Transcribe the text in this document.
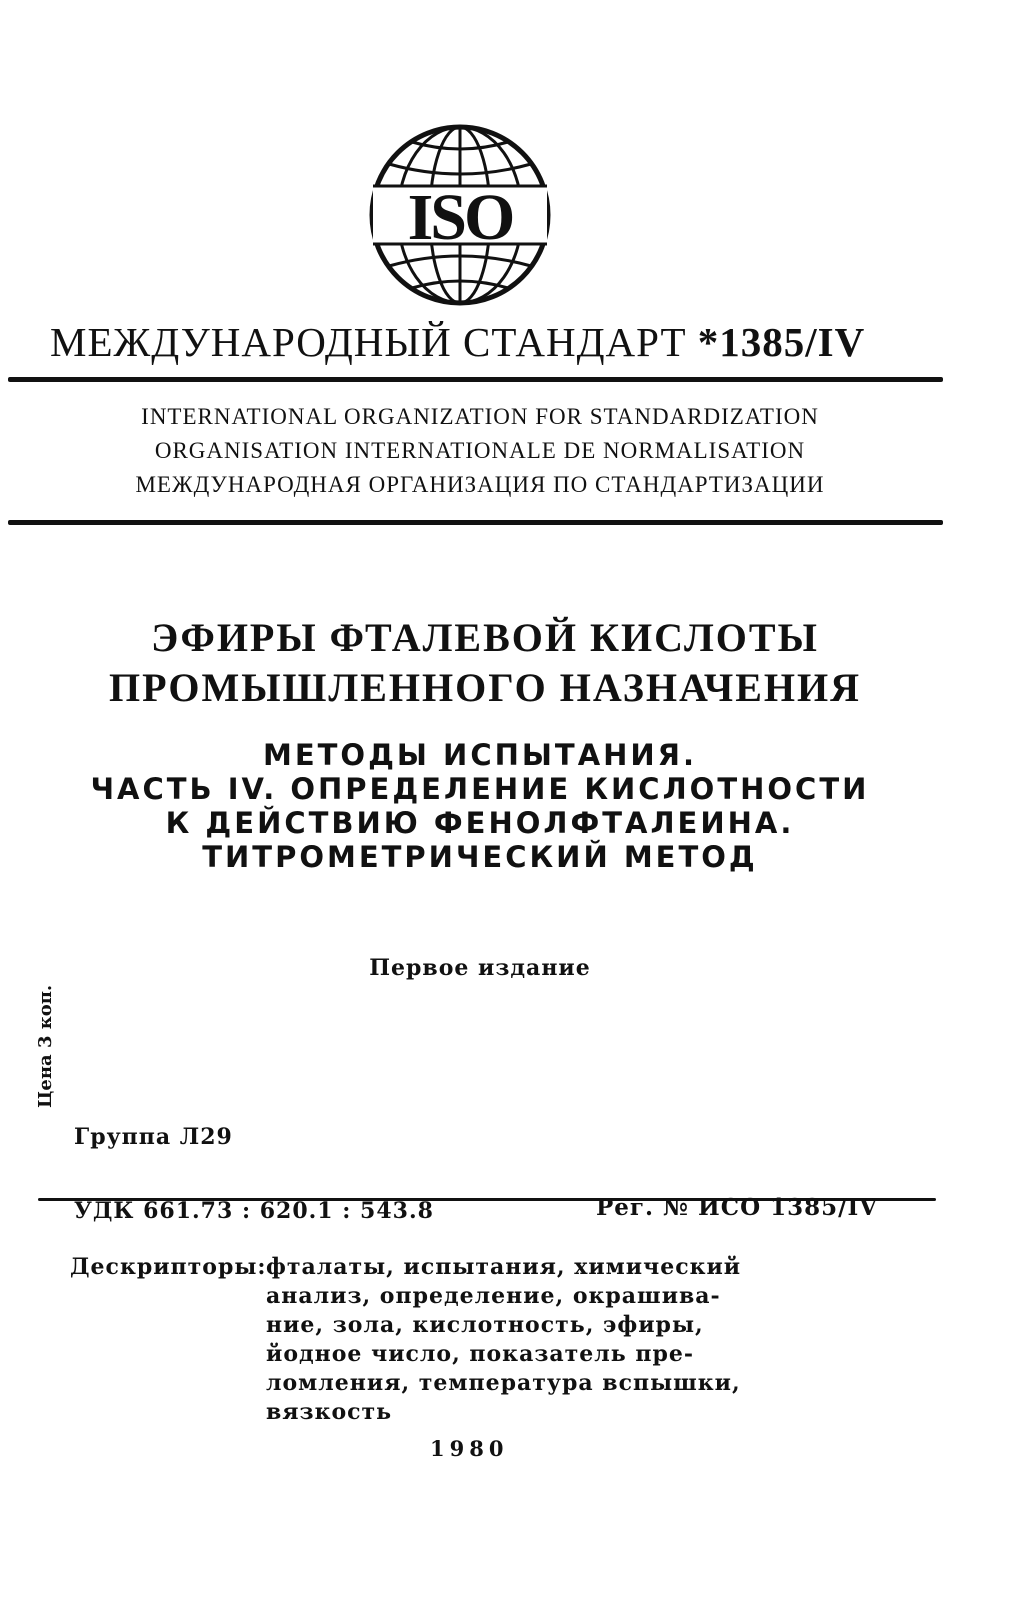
ISO
МЕЖДУНАРОДНЫЙ СТАНДАРТ *1385/IV
INTERNATIONAL ORGANIZATION FOR STANDARDIZATION
ORGANISATION INTERNATIONALE DE NORMALISATION
МЕЖДУНАРОДНАЯ ОРГАНИЗАЦИЯ ПО СТАНДАРТИЗАЦИИ
ЭФИРЫ ФТАЛЕВОЙ КИСЛОТЫ
ПРОМЫШЛЕННОГО НАЗНАЧЕНИЯ
МЕТОДЫ ИСПЫТАНИЯ.
ЧАСТЬ IV. ОПРЕДЕЛЕНИЕ КИСЛОТНОСТИ
К ДЕЙСТВИЮ ФЕНОЛФТАЛЕИНА.
ТИТРОМЕТРИЧЕСКИЙ МЕТОД
Первое издание
Цена 3 коп.
Группа Л29
УДК 661.73 : 620.1 : 543.8	Рег. № ИСО 1385/IV
Дескрипторы: фталаты, испытания, химический
анализ, определение, окрашива-
ние, зола, кислотность, эфиры,
йодное число, показатель пре-
ломления, температура вспышки,
вязкость
1980
